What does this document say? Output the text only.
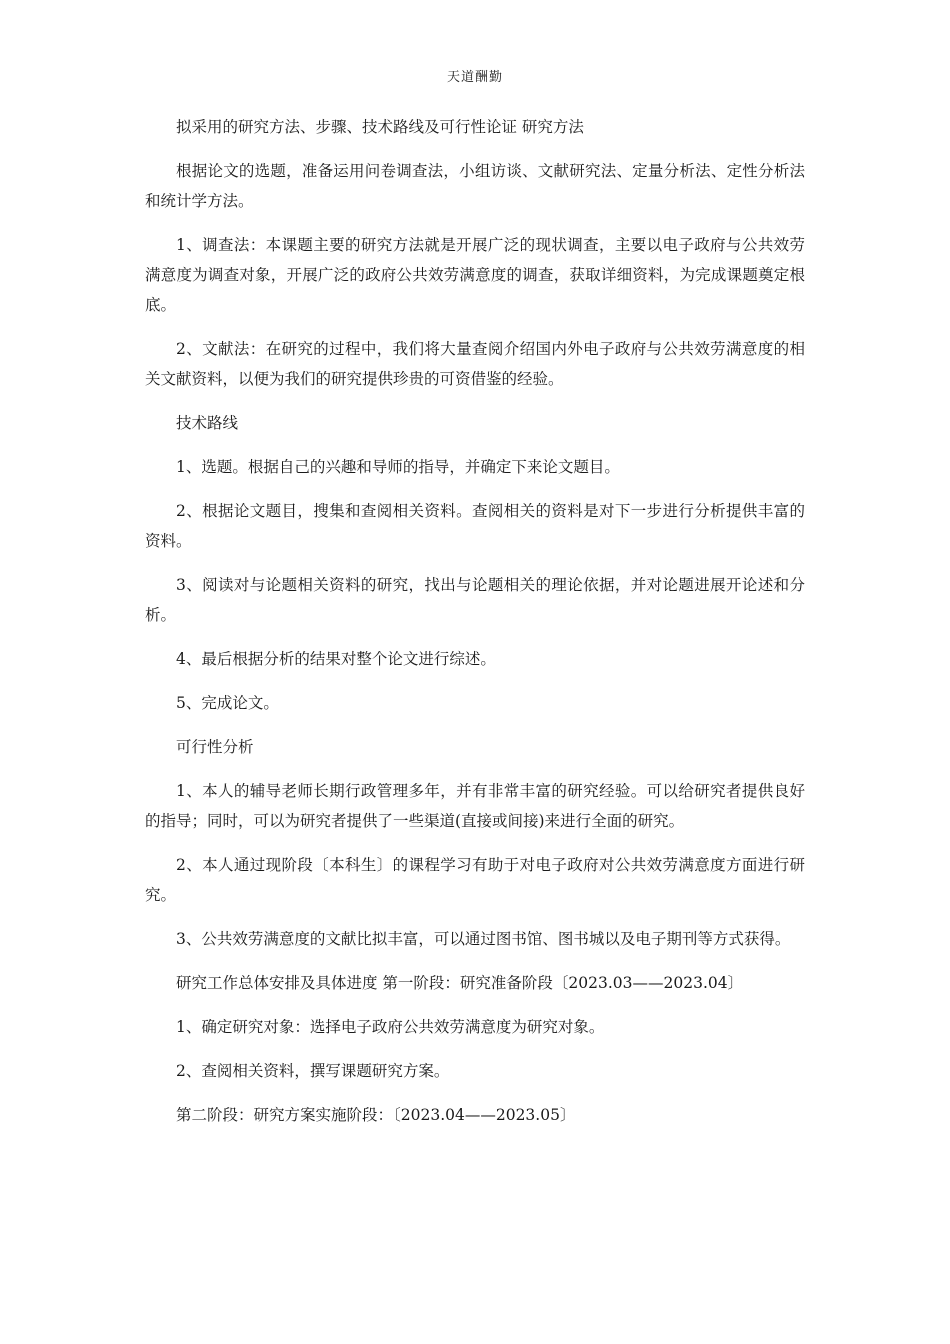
天道酬勤

拟采用的研究方法、步骤、技术路线及可行性论证 研究方法

根据论文的选题，准备运用问卷调查法，小组访谈、文献研究法、定量分析法、定性分析法和统计学方法。

1、调查法：本课题主要的研究方法就是开展广泛的现状调查，主要以电子政府与公共效劳满意度为调查对象，开展广泛的政府公共效劳满意度的调查，获取详细资料，为完成课题奠定根底。

2、文献法：在研究的过程中，我们将大量查阅介绍国内外电子政府与公共效劳满意度的相关文献资料，以便为我们的研究提供珍贵的可资借鉴的经验。

技术路线

1、选题。根据自己的兴趣和导师的指导，并确定下来论文题目。

2、根据论文题目，搜集和查阅相关资料。查阅相关的资料是对下一步进行分析提供丰富的资料。

3、阅读对与论题相关资料的研究，找出与论题相关的理论依据，并对论题进展开论述和分析。

4、最后根据分析的结果对整个论文进行综述。

5、完成论文。

可行性分析

1、本人的辅导老师长期行政管理多年，并有非常丰富的研究经验。可以给研究者提供良好的指导；同时，可以为研究者提供了一些渠道(直接或间接)来进行全面的研究。

2、本人通过现阶段〔本科生〕的课程学习有助于对电子政府对公共效劳满意度方面进行研究。

3、公共效劳满意度的文献比拟丰富，可以通过图书馆、图书城以及电子期刊等方式获得。

研究工作总体安排及具体进度 第一阶段：研究准备阶段〔2023.03——2023.04〕

1、确定研究对象：选择电子政府公共效劳满意度为研究对象。

2、查阅相关资料，撰写课题研究方案。

第二阶段：研究方案实施阶段：〔2023.04——2023.05〕
